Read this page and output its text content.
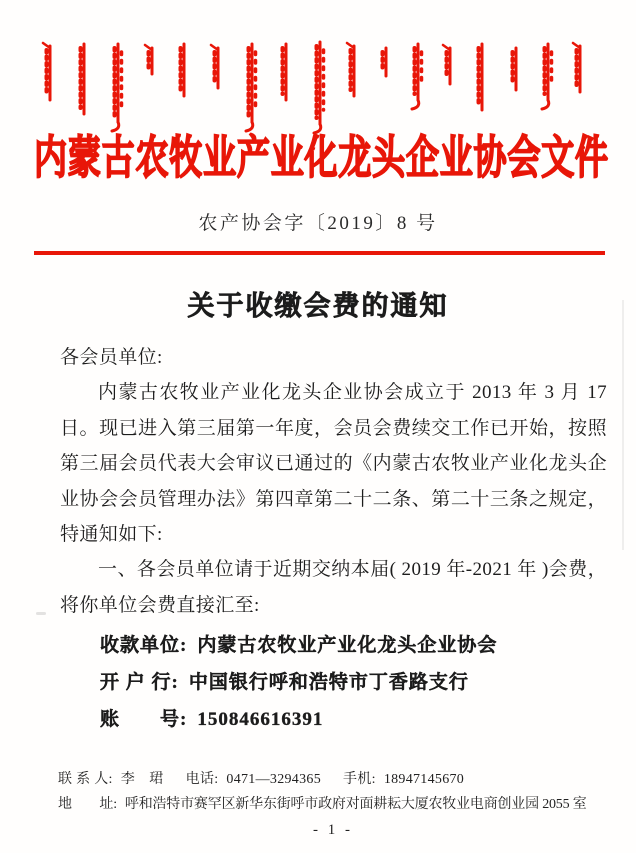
内蒙古农牧业产业化龙头企业协会文件
农产协会字〔2019〕8 号
关于收缴会费的通知

各会员单位:

内蒙古农牧业产业化龙头企业协会成立于 2013 年 3 月 17 日。现已进入第三届第一年度，会员会费续交工作已开始，按照第三届会员代表大会审议已通过的《内蒙古农牧业产业化龙头企业协会会员管理办法》第四章第二十二条、第二十三条之规定，特通知如下:

一、各会员单位请于近期交纳本届( 2019 年-2021 年 )会费，将你单位会费直接汇至:

收款单位: 内蒙古农牧业产业化龙头企业协会
开 户 行: 中国银行呼和浩特市丁香路支行
账　　号: 150846616391
联 系 人: 李　珺 电话: 0471—3294365 手机: 18947145670
地　　址: 呼和浩特市赛罕区新华东街呼市政府对面耕耘大厦农牧业电商创业园 2055 室
- 1 -
